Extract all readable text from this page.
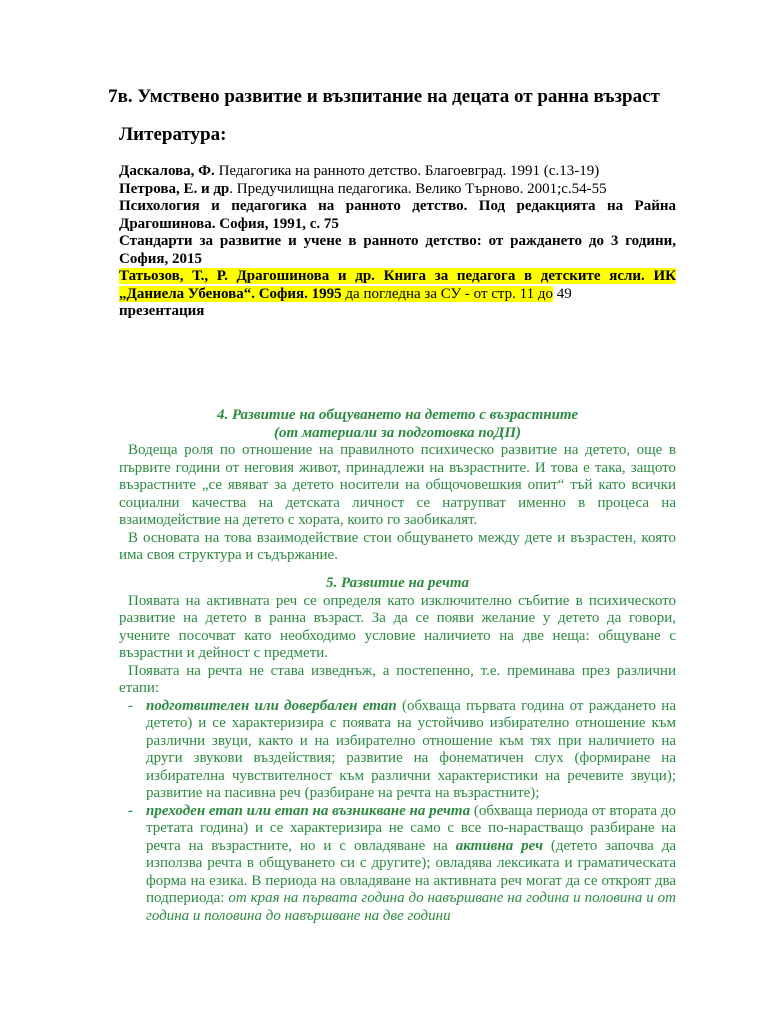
7в. Умствено развитие и възпитание на децата от ранна възраст
Литература:

Даскалова, Ф. Педагогика на ранното детство. Благоевград. 1991 (с.13-19)

Петрова, Е. и др. Предучилищна педагогика. Велико Търново. 2001;с.54-55

Психология и педагогика на ранното детство. Под редакцията на Райна Драгошинова. София, 1991, с. 75

Стандарти за развитие и учене в ранното детство: от раждането до 3 години, София, 2015

Татьозов, Т., Р. Драгошинова и др. Книга за педагога в детските ясли. ИК „Даниела Убенова“. София. 1995 да погледна за СУ - от стр. 11 до 49

презентация

4. Развитие на общуването на детето с възрастните

(от материали за подготовка поДП)

Водеща роля по отношение на правилното психическо развитие на детето, още в първите години от неговия живот, принадлежи на възрастните. И това е така, защото възрастните „се явяват за детето носители на общочовешкия опит“ тъй като всички социални качества на детската личност се натрупват именно в процеса на взаимодействие на детето с хората, които го заобикалят.

В основата на това взаимодействие стои общуването между дете и възрастен, която има своя структура и съдържание.

5. Развитие на речта

Появата на активната реч се определя като изключително събитие в психическото развитие на детето в ранна възраст. За да се появи желание у детето да говори, учените посочват като необходимо условие наличието на две неща: общуване с възрастни и дейност с предмети.

Появата на речта не става изведнъж, а постепенно, т.е. преминава през различни етапи:

- подготвителен или довербален етап (обхваща първата година от раждането на детето) и се характеризира с появата на устойчиво избирателно отношение към различни звуци, както и на избирателно отношение към тях при наличието на други звукови въздействия; развитие на фонематичен слух (формиране на избирателна чувствителност към различни характеристики на речевите звуци); развитие на пасивна реч (разбиране на речта на възрастните);
- преходен етап или етап на възникване на речта (обхваща периода от втората до третата година) и се характеризира не само с все по-нарастващо разбиране на речта на възрастните, но и с овладяване на активна реч (детето започва да използва речта в общуването си с другите); овладява лексиката и граматическата форма на езика. В периода на овладяване на активната реч могат да се откроят два подпериода: от края на първата година до навършване на година и половина и от година и половина до навършване на две години
